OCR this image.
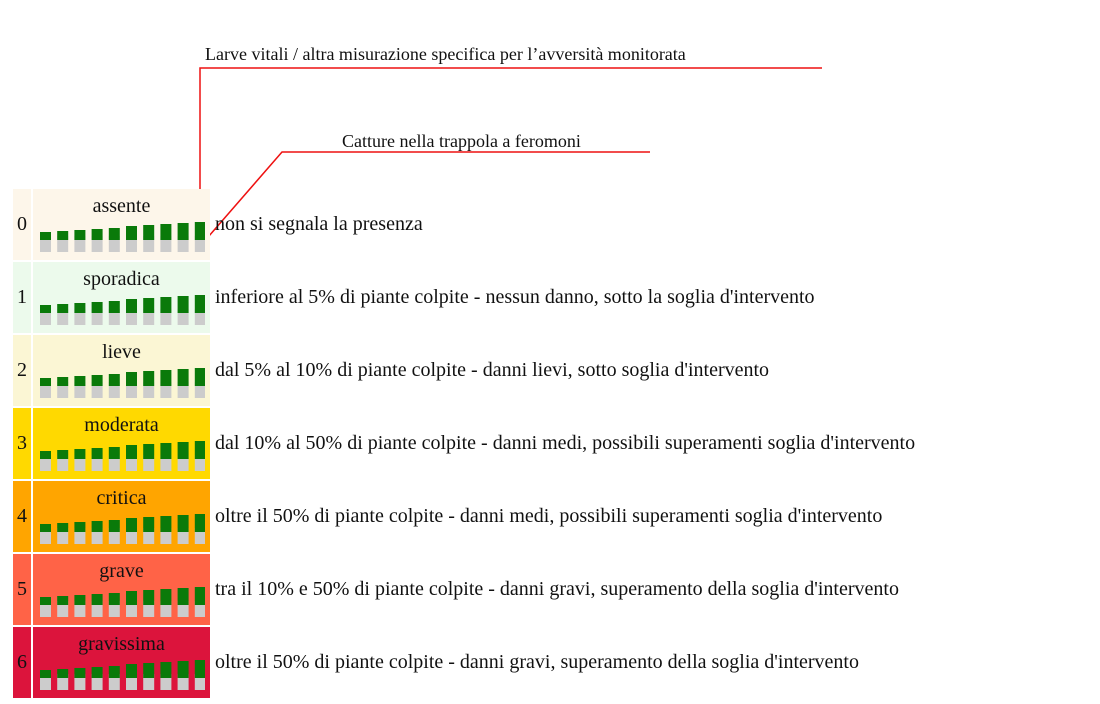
Larve vitali / altra misurazione specifica per l’avversità monitorata
Catture nella trappola a feromoni
0
assente
non si segnala la presenza
1
sporadica
inferiore al 5% di piante colpite - nessun danno, sotto la soglia d'intervento
2
lieve
dal 5% al 10% di piante colpite - danni lievi, sotto soglia d'intervento
3
moderata
dal 10% al 50% di piante colpite - danni medi, possibili superamenti soglia d'intervento
4
critica
oltre il 50% di piante colpite - danni medi, possibili superamenti soglia d'intervento
5
grave
tra il 10% e 50% di piante colpite - danni gravi, superamento della soglia d'intervento
6
gravissima
oltre il 50% di piante colpite - danni gravi, superamento della soglia d'intervento
